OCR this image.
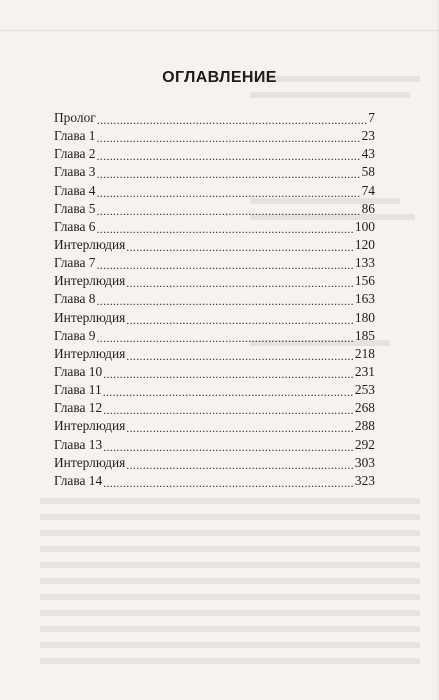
ОГЛАВЛЕНИЕ
Пролог .....	7
Глава 1 .....	23
Глава 2 .....	43
Глава 3 .....	58
Глава 4 .....	74
Глава 5 .....	86
Глава 6 .....	100
Интерлюдия .....	120
Глава 7 .....	133
Интерлюдия .....	156
Глава 8 .....	163
Интерлюдия .....	180
Глава 9 .....	185
Интерлюдия .....	218
Глава 10 .....	231
Глава 11 .....	253
Глава 12 .....	268
Интерлюдия .....	288
Глава 13 .....	292
Интерлюдия .....	303
Глава 14 .....	323
